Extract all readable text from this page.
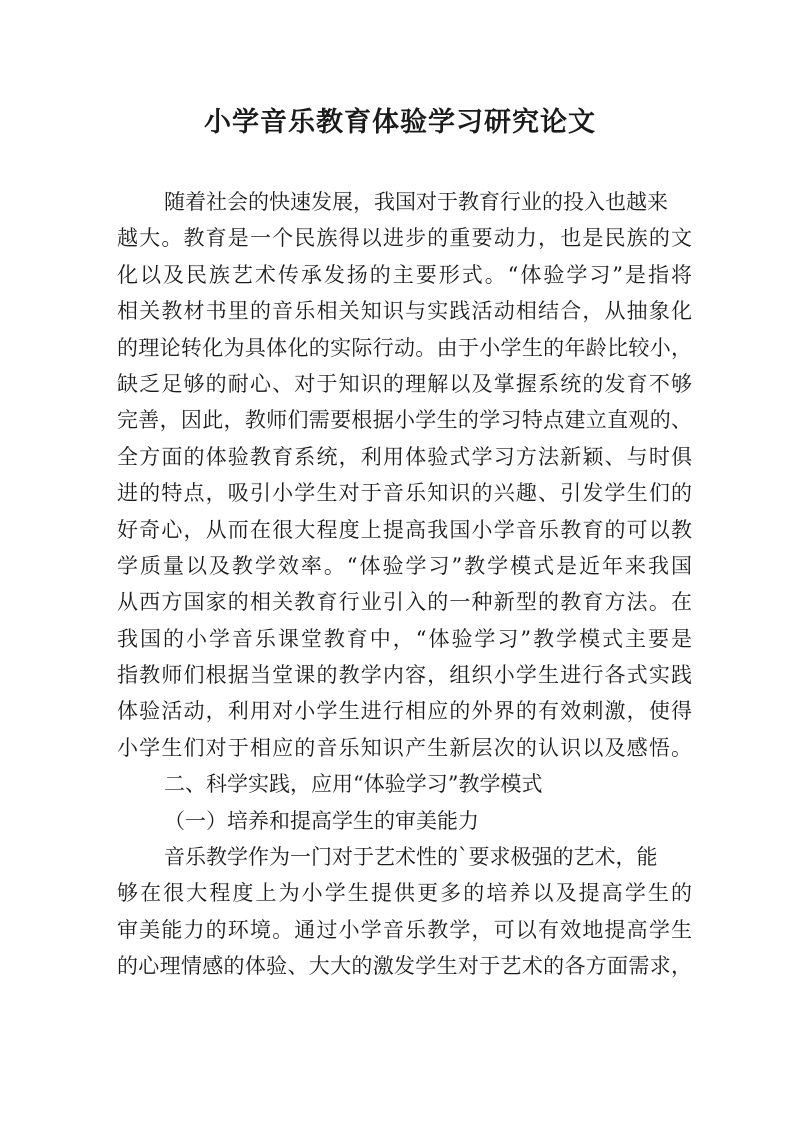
小学音乐教育体验学习研究论文
随着社会的快速发展，我国对于教育行业的投入也越来
越大。教育是一个民族得以进步的重要动力，也是民族的文
化以及民族艺术传承发扬的主要形式。“体验学习”是指将
相关教材书里的音乐相关知识与实践活动相结合，从抽象化
的理论转化为具体化的实际行动。由于小学生的年龄比较小，
缺乏足够的耐心、对于知识的理解以及掌握系统的发育不够
完善，因此，教师们需要根据小学生的学习特点建立直观的、
全方面的体验教育系统，利用体验式学习方法新颖、与时俱
进的特点，吸引小学生对于音乐知识的兴趣、引发学生们的
好奇心，从而在很大程度上提高我国小学音乐教育的可以教
学质量以及教学效率。“体验学习”教学模式是近年来我国
从西方国家的相关教育行业引入的一种新型的教育方法。在
我国的小学音乐课堂教育中，“体验学习”教学模式主要是
指教师们根据当堂课的教学内容，组织小学生进行各式实践
体验活动，利用对小学生进行相应的外界的有效刺激，使得
小学生们对于相应的音乐知识产生新层次的认识以及感悟。
二、科学实践，应用“体验学习”教学模式
（一）培养和提高学生的审美能力
音乐教学作为一门对于艺术性的`要求极强的艺术，能
够在很大程度上为小学生提供更多的培养以及提高学生的
审美能力的环境。通过小学音乐教学，可以有效地提高学生
的心理情感的体验、大大的激发学生对于艺术的各方面需求，
